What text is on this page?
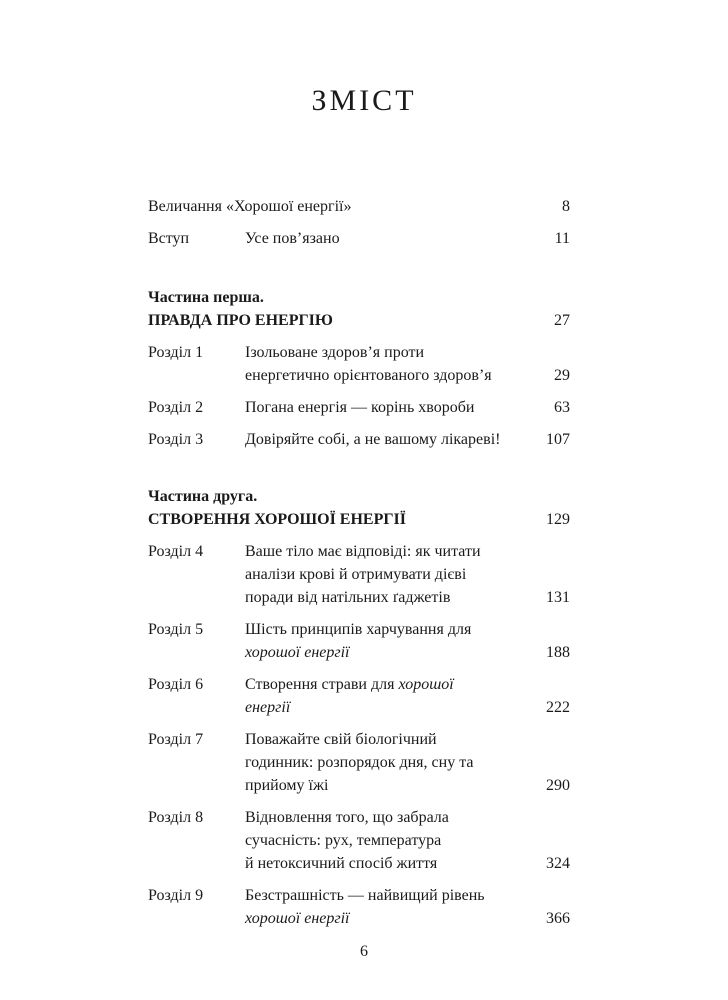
ЗМІСТ
Величання «Хорошої енергії»	8
Вступ	Усе пов’язано	11
Частина перша.
ПРАВДА ПРО ЕНЕРГІЮ	27
Розділ 1	Ізольоване здоров’я проти
енергетично орієнтованого здоров’я	29
Розділ 2	Погана енергія — корінь хвороби	63
Розділ 3	Довіряйте собі, а не вашому лікареві!	107
Частина друга.
СТВОРЕННЯ ХОРОШОЇ ЕНЕРГІЇ	129
Розділ 4	Ваше тіло має відповіді: як читати
аналізи крові й отримувати дієві
поради від натільних ґаджетів	131
Розділ 5	Шість принципів харчування для
хорошої енергії	188
Розділ 6	Створення страви для хорошої
енергії	222
Розділ 7	Поважайте свій біологічний
годинник: розпорядок дня, сну та
прийому їжі	290
Розділ 8	Відновлення того, що забрала
сучасність: рух, температура
й нетоксичний спосіб життя	324
Розділ 9	Безстрашність — найвищий рівень
хорошої енергії	366
6
